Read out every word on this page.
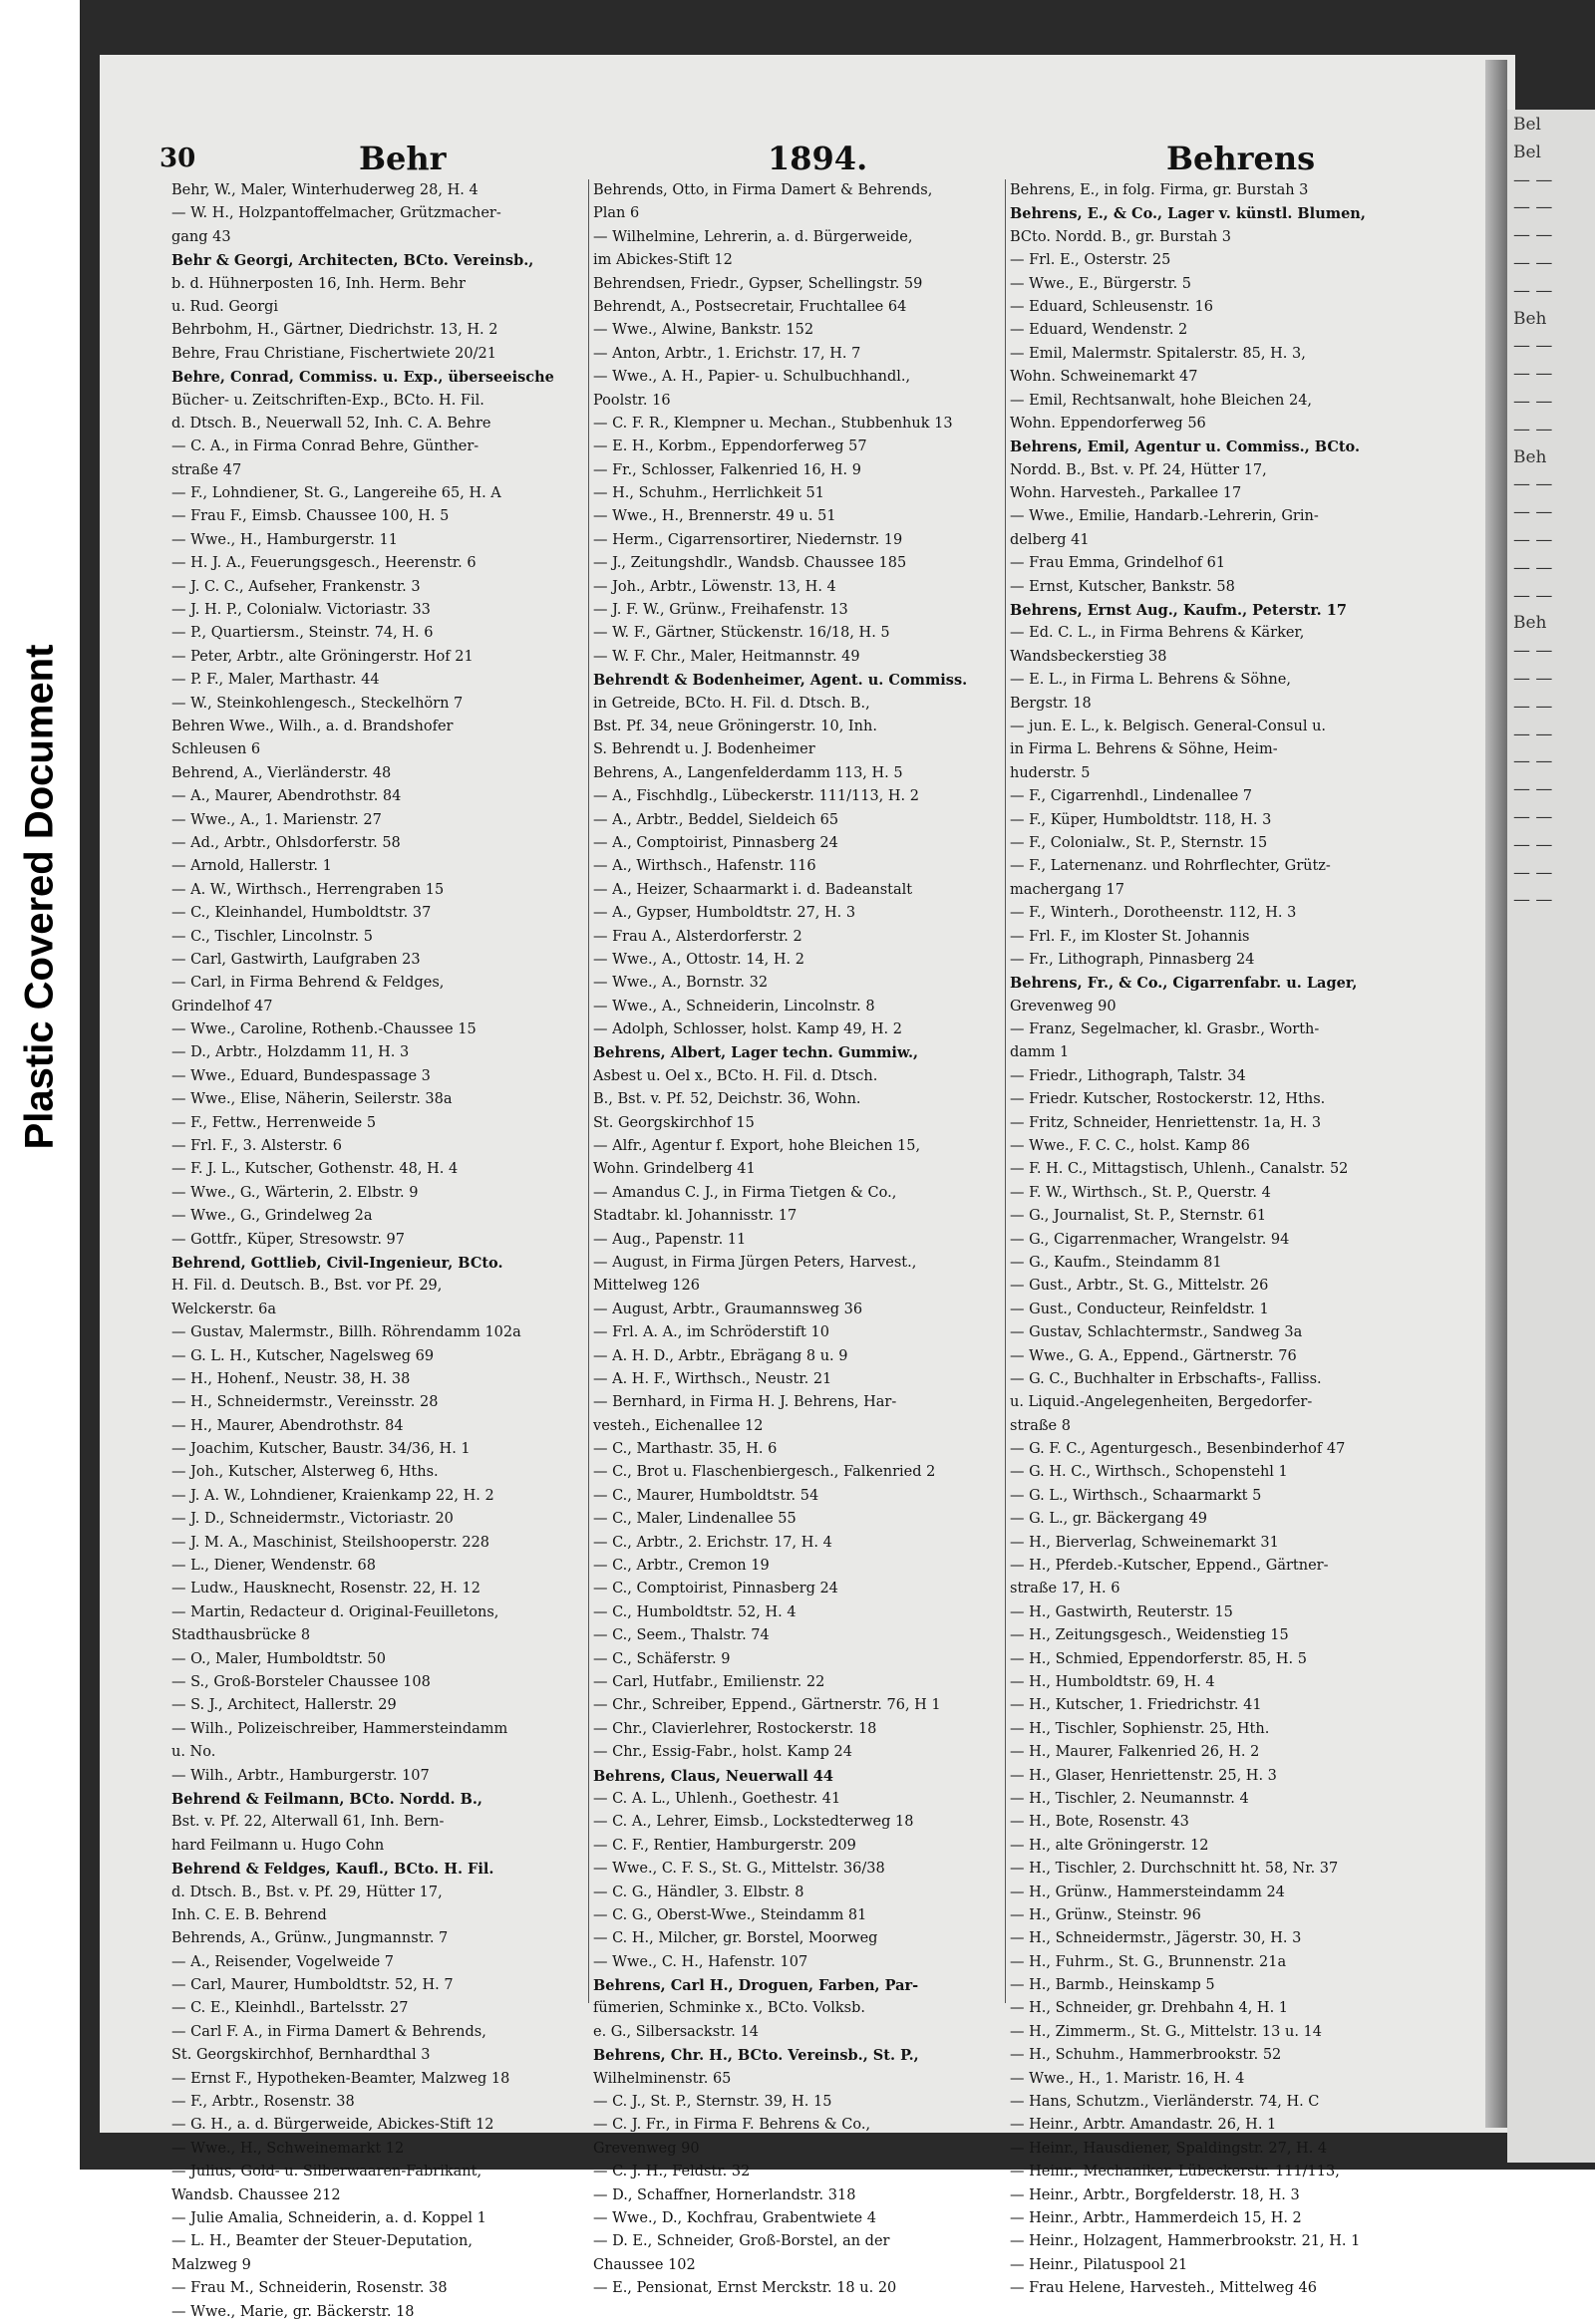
Plastic Covered Document
Bel
Bel
— —
— —
— —
— —
— —
Beh
— —
— —
— —
— —
Beh
— —
— —
— —
— —
— —
Beh
— —
— —
— —
— —
— —
— —
— —
— —
— —
— —
30	Behr	1894.	Behrens
Behr, W., Maler, Winterhuderweg 28, H. 4
— W. H., Holzpantoffelmacher, Grützmacher-
gang 43
Behr & Georgi, Architecten, BCto. Vereinsb.,
b. d. Hühnerposten 16, Inh. Herm. Behr
u. Rud. Georgi
Behrbohm, H., Gärtner, Diedrichstr. 13, H. 2
Behre, Frau Christiane, Fischertwiete 20/21
Behre, Conrad, Commiss. u. Exp., überseeische
Bücher- u. Zeitschriften-Exp., BCto. H. Fil.
d. Dtsch. B., Neuerwall 52, Inh. C. A. Behre
— C. A., in Firma Conrad Behre, Günther-
straße 47
— F., Lohndiener, St. G., Langereihe 65, H. A
— Frau F., Eimsb. Chaussee 100, H. 5
— Wwe., H., Hamburgerstr. 11
— H. J. A., Feuerungsgesch., Heerenstr. 6
— J. C. C., Aufseher, Frankenstr. 3
— J. H. P., Colonialw. Victoriastr. 33
— P., Quartiersm., Steinstr. 74, H. 6
— Peter, Arbtr., alte Gröningerstr. Hof 21
— P. F., Maler, Marthastr. 44
— W., Steinkohlengesch., Steckelhörn 7
Behren Wwe., Wilh., a. d. Brandshofer
Schleusen 6
Behrend, A., Vierländerstr. 48
— A., Maurer, Abendrothstr. 84
— Wwe., A., 1. Marienstr. 27
— Ad., Arbtr., Ohlsdorferstr. 58
— Arnold, Hallerstr. 1
— A. W., Wirthsch., Herrengraben 15
— C., Kleinhandel, Humboldtstr. 37
— C., Tischler, Lincolnstr. 5
— Carl, Gastwirth, Laufgraben 23
— Carl, in Firma Behrend & Feldges,
Grindelhof 47
— Wwe., Caroline, Rothenb.-Chaussee 15
— D., Arbtr., Holzdamm 11, H. 3
— Wwe., Eduard, Bundespassage 3
— Wwe., Elise, Näherin, Seilerstr. 38a
— F., Fettw., Herrenweide 5
— Frl. F., 3. Alsterstr. 6
— F. J. L., Kutscher, Gothenstr. 48, H. 4
— Wwe., G., Wärterin, 2. Elbstr. 9
— Wwe., G., Grindelweg 2a
— Gottfr., Küper, Stresowstr. 97
Behrend, Gottlieb, Civil-Ingenieur, BCto.
H. Fil. d. Deutsch. B., Bst. vor Pf. 29,
Welckerstr. 6a
— Gustav, Malermstr., Billh. Röhrendamm 102a
— G. L. H., Kutscher, Nagelsweg 69
— H., Hohenf., Neustr. 38, H. 38
— H., Schneidermstr., Vereinsstr. 28
— H., Maurer, Abendrothstr. 84
— Joachim, Kutscher, Baustr. 34/36, H. 1
— Joh., Kutscher, Alsterweg 6, Hths.
— J. A. W., Lohndiener, Kraienkamp 22, H. 2
— J. D., Schneidermstr., Victoriastr. 20
— J. M. A., Maschinist, Steilshooperstr. 228
— L., Diener, Wendenstr. 68
— Ludw., Hausknecht, Rosenstr. 22, H. 12
— Martin, Redacteur d. Original-Feuilletons,
Stadthausbrücke 8
— O., Maler, Humboldtstr. 50
— S., Groß-Borsteler Chaussee 108
— S. J., Architect, Hallerstr. 29
— Wilh., Polizeischreiber, Hammersteindamm
u. No.
— Wilh., Arbtr., Hamburgerstr. 107
Behrend & Feilmann, BCto. Nordd. B.,
Bst. v. Pf. 22, Alterwall 61, Inh. Bern-
hard Feilmann u. Hugo Cohn
Behrend & Feldges, Kaufl., BCto. H. Fil.
d. Dtsch. B., Bst. v. Pf. 29, Hütter 17,
Inh. C. E. B. Behrend
Behrends, A., Grünw., Jungmannstr. 7
— A., Reisender, Vogelweide 7
— Carl, Maurer, Humboldtstr. 52, H. 7
— C. E., Kleinhdl., Bartelsstr. 27
— Carl F. A., in Firma Damert & Behrends,
St. Georgskirchhof, Bernhardthal 3
— Ernst F., Hypotheken-Beamter, Malzweg 18
— F., Arbtr., Rosenstr. 38
— G. H., a. d. Bürgerweide, Abickes-Stift 12
— Wwe., H., Schweinemarkt 12
— Julius, Gold- u. Silberwaaren-Fabrikant,
Wandsb. Chaussee 212
— Julie Amalia, Schneiderin, a. d. Koppel 1
— L. H., Beamter der Steuer-Deputation,
Malzweg 9
— Frau M., Schneiderin, Rosenstr. 38
— Wwe., Marie, gr. Bäckerstr. 18
Behrends, Otto, in Firma Damert & Behrends,
Plan 6
— Wilhelmine, Lehrerin, a. d. Bürgerweide,
im Abickes-Stift 12
Behrendsen, Friedr., Gypser, Schellingstr. 59
Behrendt, A., Postsecretair, Fruchtallee 64
— Wwe., Alwine, Bankstr. 152
— Anton, Arbtr., 1. Erichstr. 17, H. 7
— Wwe., A. H., Papier- u. Schulbuchhandl.,
Poolstr. 16
— C. F. R., Klempner u. Mechan., Stubbenhuk 13
— E. H., Korbm., Eppendorferweg 57
— Fr., Schlosser, Falkenried 16, H. 9
— H., Schuhm., Herrlichkeit 51
— Wwe., H., Brennerstr. 49 u. 51
— Herm., Cigarrensortirer, Niedernstr. 19
— J., Zeitungshdlr., Wandsb. Chaussee 185
— Joh., Arbtr., Löwenstr. 13, H. 4
— J. F. W., Grünw., Freihafenstr. 13
— W. F., Gärtner, Stückenstr. 16/18, H. 5
— W. F. Chr., Maler, Heitmannstr. 49
Behrendt & Bodenheimer, Agent. u. Commiss.
in Getreide, BCto. H. Fil. d. Dtsch. B.,
Bst. Pf. 34, neue Gröningerstr. 10, Inh.
S. Behrendt u. J. Bodenheimer
Behrens, A., Langenfelderdamm 113, H. 5
— A., Fischhdlg., Lübeckerstr. 111/113, H. 2
— A., Arbtr., Beddel, Sieldeich 65
— A., Comptoirist, Pinnasberg 24
— A., Wirthsch., Hafenstr. 116
— A., Heizer, Schaarmarkt i. d. Badeanstalt
— A., Gypser, Humboldtstr. 27, H. 3
— Frau A., Alsterdorferstr. 2
— Wwe., A., Ottostr. 14, H. 2
— Wwe., A., Bornstr. 32
— Wwe., A., Schneiderin, Lincolnstr. 8
— Adolph, Schlosser, holst. Kamp 49, H. 2
Behrens, Albert, Lager techn. Gummiw.,
Asbest u. Oel x., BCto. H. Fil. d. Dtsch.
B., Bst. v. Pf. 52, Deichstr. 36, Wohn.
St. Georgskirchhof 15
— Alfr., Agentur f. Export, hohe Bleichen 15,
Wohn. Grindelberg 41
— Amandus C. J., in Firma Tietgen & Co.,
Stadtabr. kl. Johannisstr. 17
— Aug., Papenstr. 11
— August, in Firma Jürgen Peters, Harvest.,
Mittelweg 126
— August, Arbtr., Graumannsweg 36
— Frl. A. A., im Schröderstift 10
— A. H. D., Arbtr., Ebrägang 8 u. 9
— A. H. F., Wirthsch., Neustr. 21
— Bernhard, in Firma H. J. Behrens, Har-
vesteh., Eichenallee 12
— C., Marthastr. 35, H. 6
— C., Brot u. Flaschenbiergesch., Falkenried 2
— C., Maurer, Humboldtstr. 54
— C., Maler, Lindenallee 55
— C., Arbtr., 2. Erichstr. 17, H. 4
— C., Arbtr., Cremon 19
— C., Comptoirist, Pinnasberg 24
— C., Humboldtstr. 52, H. 4
— C., Seem., Thalstr. 74
— C., Schäferstr. 9
— Carl, Hutfabr., Emilienstr. 22
— Chr., Schreiber, Eppend., Gärtnerstr. 76, H 1
— Chr., Clavierlehrer, Rostockerstr. 18
— Chr., Essig-Fabr., holst. Kamp 24
Behrens, Claus, Neuerwall 44
— C. A. L., Uhlenh., Goethestr. 41
— C. A., Lehrer, Eimsb., Lockstedterweg 18
— C. F., Rentier, Hamburgerstr. 209
— Wwe., C. F. S., St. G., Mittelstr. 36/38
— C. G., Händler, 3. Elbstr. 8
— C. G., Oberst-Wwe., Steindamm 81
— C. H., Milcher, gr. Borstel, Moorweg
— Wwe., C. H., Hafenstr. 107
Behrens, Carl H., Droguen, Farben, Par-
fümerien, Schminke x., BCto. Volksb.
e. G., Silbersackstr. 14
Behrens, Chr. H., BCto. Vereinsb., St. P.,
Wilhelminenstr. 65
— C. J., St. P., Sternstr. 39, H. 15
— C. J. Fr., in Firma F. Behrens & Co.,
Grevenweg 90
— C. J. H., Feldstr. 32
— D., Schaffner, Hornerlandstr. 318
— Wwe., D., Kochfrau, Grabentwiete 4
— D. E., Schneider, Groß-Borstel, an der
Chaussee 102
— E., Pensionat, Ernst Merckstr. 18 u. 20
Behrens, E., in folg. Firma, gr. Burstah 3
Behrens, E., & Co., Lager v. künstl. Blumen,
BCto. Nordd. B., gr. Burstah 3
— Frl. E., Osterstr. 25
— Wwe., E., Bürgerstr. 5
— Eduard, Schleusenstr. 16
— Eduard, Wendenstr. 2
— Emil, Malermstr. Spitalerstr. 85, H. 3,
Wohn. Schweinemarkt 47
— Emil, Rechtsanwalt, hohe Bleichen 24,
Wohn. Eppendorferweg 56
Behrens, Emil, Agentur u. Commiss., BCto.
Nordd. B., Bst. v. Pf. 24, Hütter 17,
Wohn. Harvesteh., Parkallee 17
— Wwe., Emilie, Handarb.-Lehrerin, Grin-
delberg 41
— Frau Emma, Grindelhof 61
— Ernst, Kutscher, Bankstr. 58
Behrens, Ernst Aug., Kaufm., Peterstr. 17
— Ed. C. L., in Firma Behrens & Kärker,
Wandsbeckerstieg 38
— E. L., in Firma L. Behrens & Söhne,
Bergstr. 18
— jun. E. L., k. Belgisch. General-Consul u.
in Firma L. Behrens & Söhne, Heim-
huderstr. 5
— F., Cigarrenhdl., Lindenallee 7
— F., Küper, Humboldtstr. 118, H. 3
— F., Colonialw., St. P., Sternstr. 15
— F., Laternenanz. und Rohrflechter, Grütz-
machergang 17
— F., Winterh., Dorotheenstr. 112, H. 3
— Frl. F., im Kloster St. Johannis
— Fr., Lithograph, Pinnasberg 24
Behrens, Fr., & Co., Cigarrenfabr. u. Lager,
Grevenweg 90
— Franz, Segelmacher, kl. Grasbr., Worth-
damm 1
— Friedr., Lithograph, Talstr. 34
— Friedr. Kutscher, Rostockerstr. 12, Hths.
— Fritz, Schneider, Henriettenstr. 1a, H. 3
— Wwe., F. C. C., holst. Kamp 86
— F. H. C., Mittagstisch, Uhlenh., Canalstr. 52
— F. W., Wirthsch., St. P., Querstr. 4
— G., Journalist, St. P., Sternstr. 61
— G., Cigarrenmacher, Wrangelstr. 94
— G., Kaufm., Steindamm 81
— Gust., Arbtr., St. G., Mittelstr. 26
— Gust., Conducteur, Reinfeldstr. 1
— Gustav, Schlachtermstr., Sandweg 3a
— Wwe., G. A., Eppend., Gärtnerstr. 76
— G. C., Buchhalter in Erbschafts-, Falliss.
u. Liquid.-Angelegenheiten, Bergedorfer-
straße 8
— G. F. C., Agenturgesch., Besenbinderhof 47
— G. H. C., Wirthsch., Schopenstehl 1
— G. L., Wirthsch., Schaarmarkt 5
— G. L., gr. Bäckergang 49
— H., Bierverlag, Schweinemarkt 31
— H., Pferdeb.-Kutscher, Eppend., Gärtner-
straße 17, H. 6
— H., Gastwirth, Reuterstr. 15
— H., Zeitungsgesch., Weidenstieg 15
— H., Schmied, Eppendorferstr. 85, H. 5
— H., Humboldtstr. 69, H. 4
— H., Kutscher, 1. Friedrichstr. 41
— H., Tischler, Sophienstr. 25, Hth.
— H., Maurer, Falkenried 26, H. 2
— H., Glaser, Henriettenstr. 25, H. 3
— H., Tischler, 2. Neumannstr. 4
— H., Bote, Rosenstr. 43
— H., alte Gröningerstr. 12
— H., Tischler, 2. Durchschnitt ht. 58, Nr. 37
— H., Grünw., Hammersteindamm 24
— H., Grünw., Steinstr. 96
— H., Schneidermstr., Jägerstr. 30, H. 3
— H., Fuhrm., St. G., Brunnenstr. 21a
— H., Barmb., Heinskamp 5
— H., Schneider, gr. Drehbahn 4, H. 1
— H., Zimmerm., St. G., Mittelstr. 13 u. 14
— H., Schuhm., Hammerbrookstr. 52
— Wwe., H., 1. Maristr. 16, H. 4
— Hans, Schutzm., Vierländerstr. 74, H. C
— Heinr., Arbtr. Amandastr. 26, H. 1
— Heinr., Hausdiener, Spaldingstr. 27, H. 4
— Heinr., Mechaniker, Lübeckerstr. 111/113,
— Heinr., Arbtr., Borgfelderstr. 18, H. 3
— Heinr., Arbtr., Hammerdeich 15, H. 2
— Heinr., Holzagent, Hammerbrookstr. 21, H. 1
— Heinr., Pilatuspool 21
— Frau Helene, Harvesteh., Mittelweg 46
